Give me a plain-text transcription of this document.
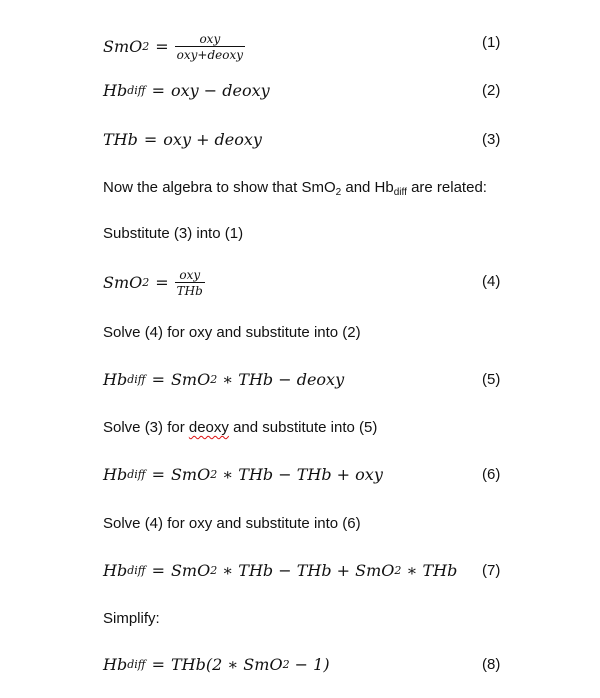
SmO $2 = \frac{\text{oxy}}{\text{oxy+deoxy}}$	(1)
Hb diff = oxy − deoxy	(2)
THb = oxy + deoxy	(3)
Now the algebra to show that SmO$_2$ and $Hb_{diff}$ are related:
Substitute (3) into (1)
SmO $2 = \frac{\text{oxy}}{\text{THb}}$	(4)
Solve (4) for oxy and substitute into (2)
Hb diff = SmO 2 ∗ THb − deoxy	(5)
Solve (3) for deoxy and substitute into (5)
Hb diff = SmO 2 ∗ THb − THb + oxy	(6)
Solve (4) for oxy and substitute into (6)
Hb diff = SmO 2 ∗ THb − THb + SmO 2 ∗ THb (7)
Simplify:
Hb diff = THb(2 ∗ SmO 2 − 1)	(8)
